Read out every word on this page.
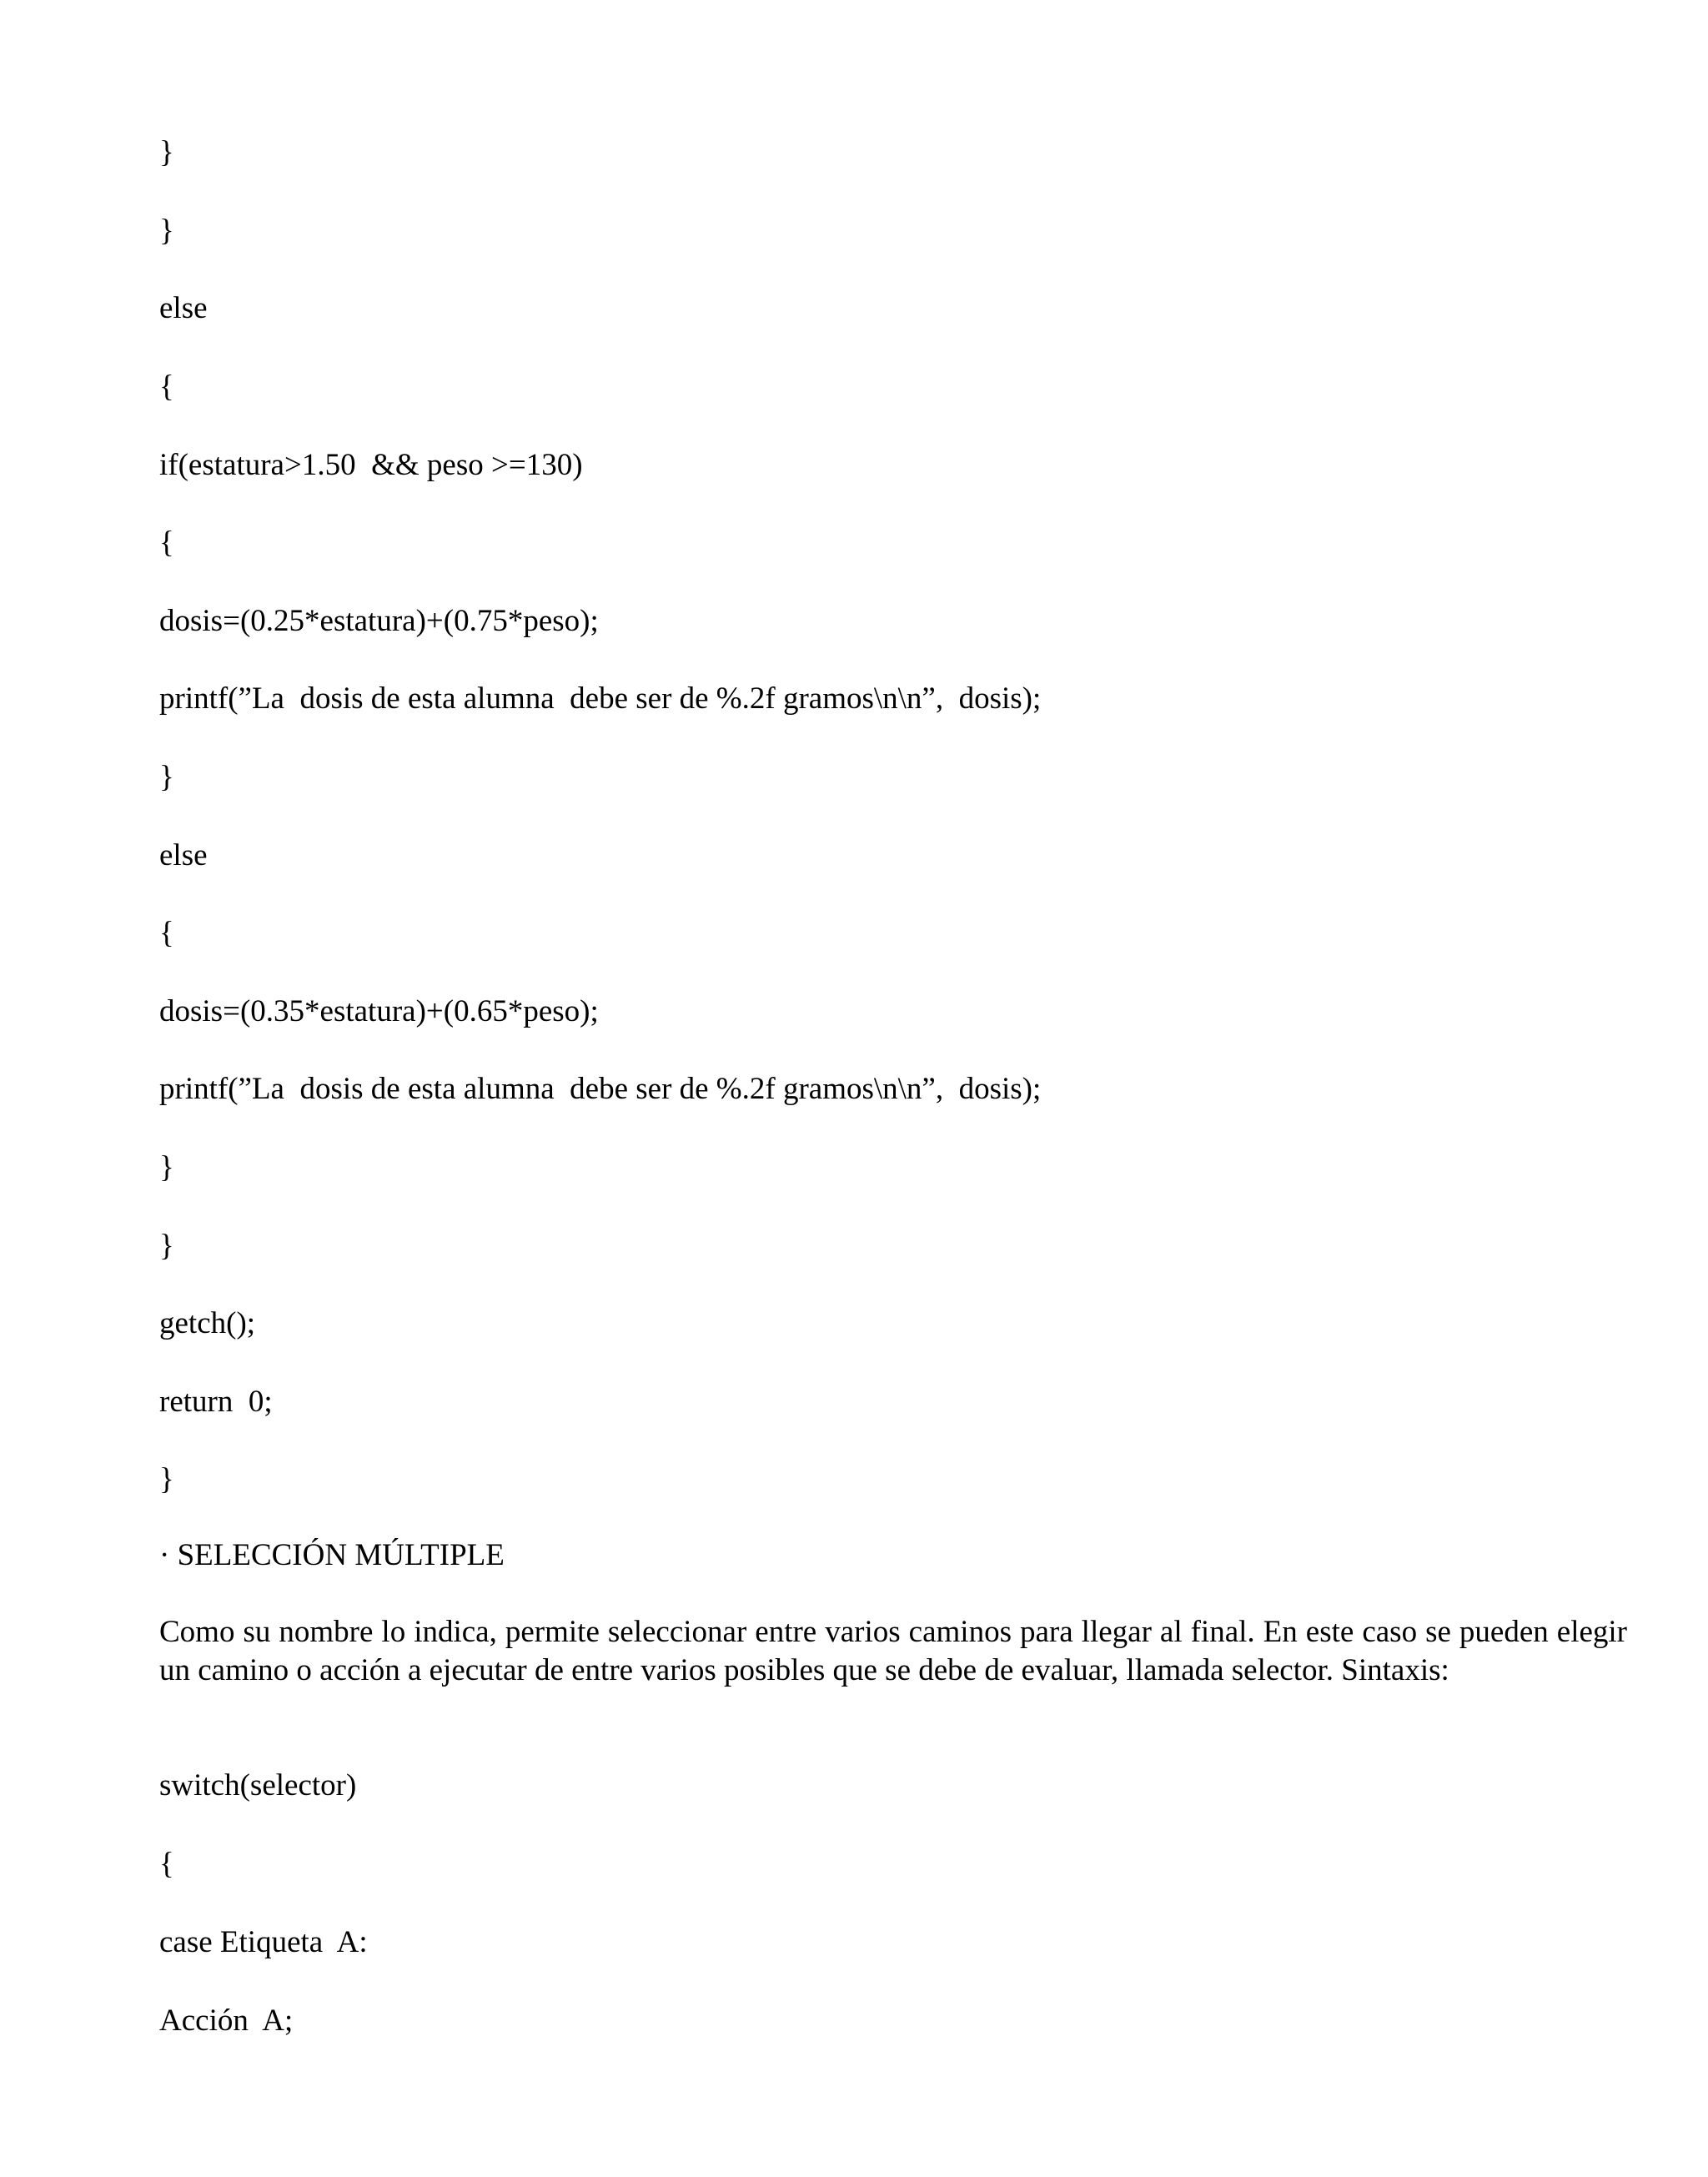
}
}
else
{
if(estatura>1.50  && peso >=130)
{
dosis=(0.25*estatura)+(0.75*peso);
printf(”La  dosis de esta alumna  debe ser de %.2f gramos\n\n”,  dosis);
}
else
{
dosis=(0.35*estatura)+(0.65*peso);
printf(”La  dosis de esta alumna  debe ser de %.2f gramos\n\n”,  dosis);
}
}
getch();
return  0;
}
· SELECCIÓN MÚLTIPLE
Como su nombre lo indica, permite seleccionar entre varios caminos para llegar al final. En este caso se pueden elegir un camino o acción a ejecutar de entre varios posibles que se debe de evaluar, llamada selector. Sintaxis:
switch(selector)
{
case Etiqueta  A:
Acción  A;
